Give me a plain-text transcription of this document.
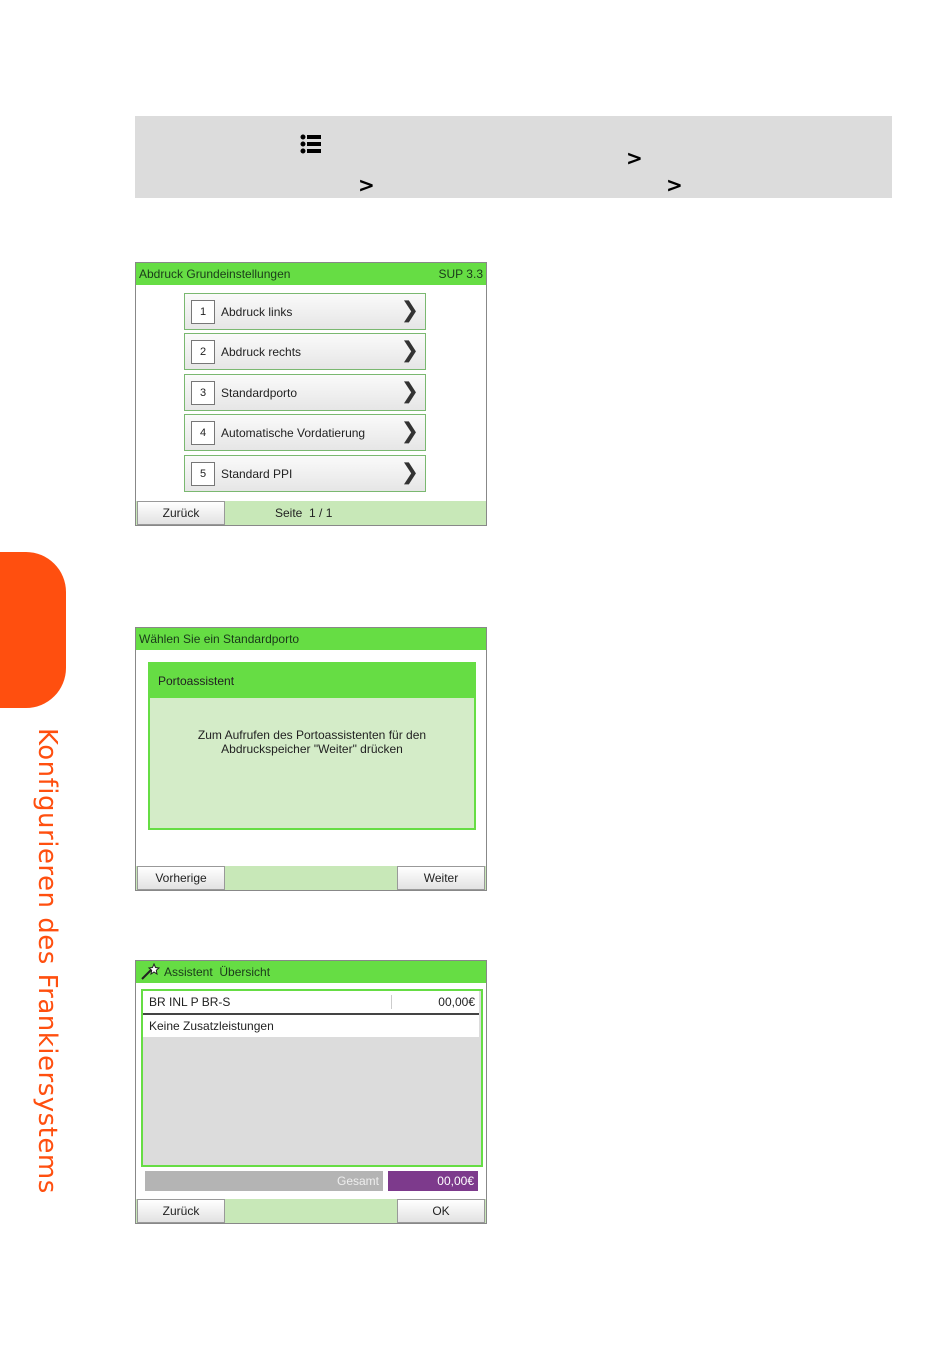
>
>	>
Konfigurieren des Frankiersystems
Abdruck Grundeinstellungen	SUP 3.3
1	Abdruck links	❯
2	Abdruck rechts	❯
3	Standardporto	❯
4	Automatische Vordatierung ❯
5	Standard PPI	❯
Zurück	Seite  1 / 1
Wählen Sie ein Standardporto
Portoassistent
Zum Aufrufen des Portoassistenten für den Abdruckspeicher "Weiter" drücken
Vorherige	Weiter
Assistent  Übersicht
BR INL P BR-S	00,00€
Keine Zusatzleistungen
Gesamt	00,00€
Zurück	OK
